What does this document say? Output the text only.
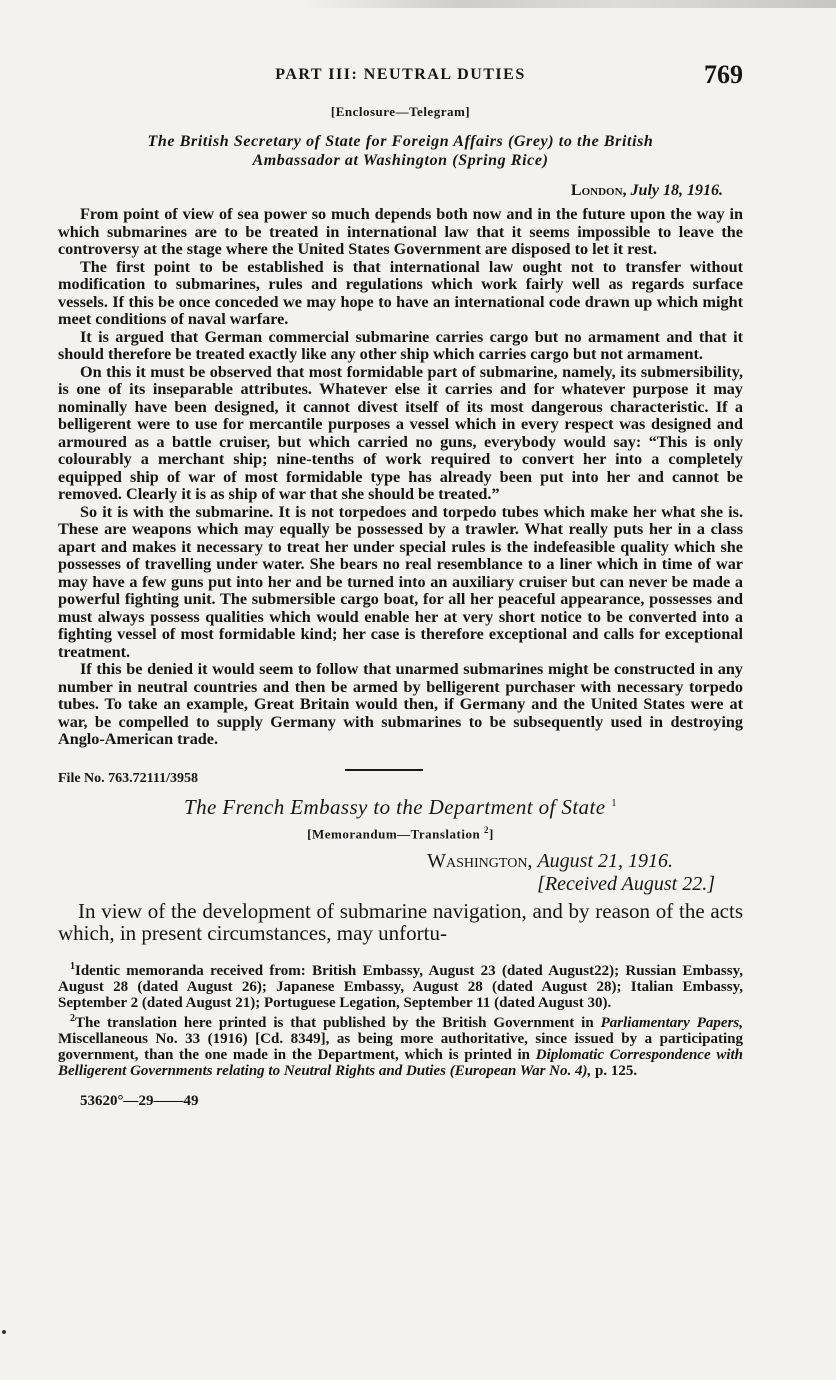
PART III: NEUTRAL DUTIES	769
[Enclosure—Telegram]
The British Secretary of State for Foreign Affairs (Grey) to the British
Ambassador at Washington (Spring Rice)
London, July 18, 1916.

From point of view of sea power so much depends both now and in the future upon the way in which submarines are to be treated in international law that it seems impossible to leave the controversy at the stage where the United States Government are disposed to let it rest.

The first point to be established is that international law ought not to transfer without modification to submarines, rules and regulations which work fairly well as regards surface vessels. If this be once conceded we may hope to have an international code drawn up which might meet conditions of naval warfare.

It is argued that German commercial submarine carries cargo but no armament and that it should therefore be treated exactly like any other ship which carries cargo but not armament.

On this it must be observed that most formidable part of submarine, namely, its submersibility, is one of its inseparable attributes. Whatever else it carries and for whatever purpose it may nominally have been designed, it cannot divest itself of its most dangerous characteristic. If a belligerent were to use for mercantile purposes a vessel which in every respect was designed and armoured as a battle cruiser, but which carried no guns, everybody would say: “This is only colourably a merchant ship; nine-tenths of work required to convert her into a completely equipped ship of war of most formidable type has already been put into her and cannot be removed. Clearly it is as ship of war that she should be treated.”

So it is with the submarine. It is not torpedoes and torpedo tubes which make her what she is. These are weapons which may equally be possessed by a trawler. What really puts her in a class apart and makes it necessary to treat her under special rules is the indefeasible quality which she possesses of travelling under water. She bears no real resemblance to a liner which in time of war may have a few guns put into her and be turned into an auxiliary cruiser but can never be made a powerful fighting unit. The submersible cargo boat, for all her peaceful appearance, possesses and must always possess qualities which would enable her at very short notice to be converted into a fighting vessel of most formidable kind; her case is therefore exceptional and calls for exceptional treatment.

If this be denied it would seem to follow that unarmed submarines might be constructed in any number in neutral countries and then be armed by belligerent purchaser with necessary torpedo tubes. To take an example, Great Britain would then, if Germany and the United States were at war, be compelled to supply Germany with submarines to be subsequently used in destroying Anglo-American trade.

File No. 763.72111/3958
The French Embassy to the Department of State $^1$
[Memorandum—Translation $^2$]
Washington, August 21, 1916.
[Received August 22.]

In view of the development of submarine navigation, and by reason of the acts which, in present circumstances, may unfortu-

$^1$Identic memoranda received from: British Embassy, August 23 (dated August22); Russian Embassy, August 28 (dated August 26); Japanese Embassy, August 28 (dated August 28); Italian Embassy, September 2 (dated August 21); Portuguese Legation, September 11 (dated August 30).

$^2$The translation here printed is that published by the British Government in Parliamentary Papers, Miscellaneous No. 33 (1916) [Cd. 8349], as being more authoritative, since issued by a participating government, than the one made in the Department, which is printed in Diplomatic Correspondence with Belligerent Governments relating to Neutral Rights and Duties (European War No. 4), p. 125.

53620°—29——49
